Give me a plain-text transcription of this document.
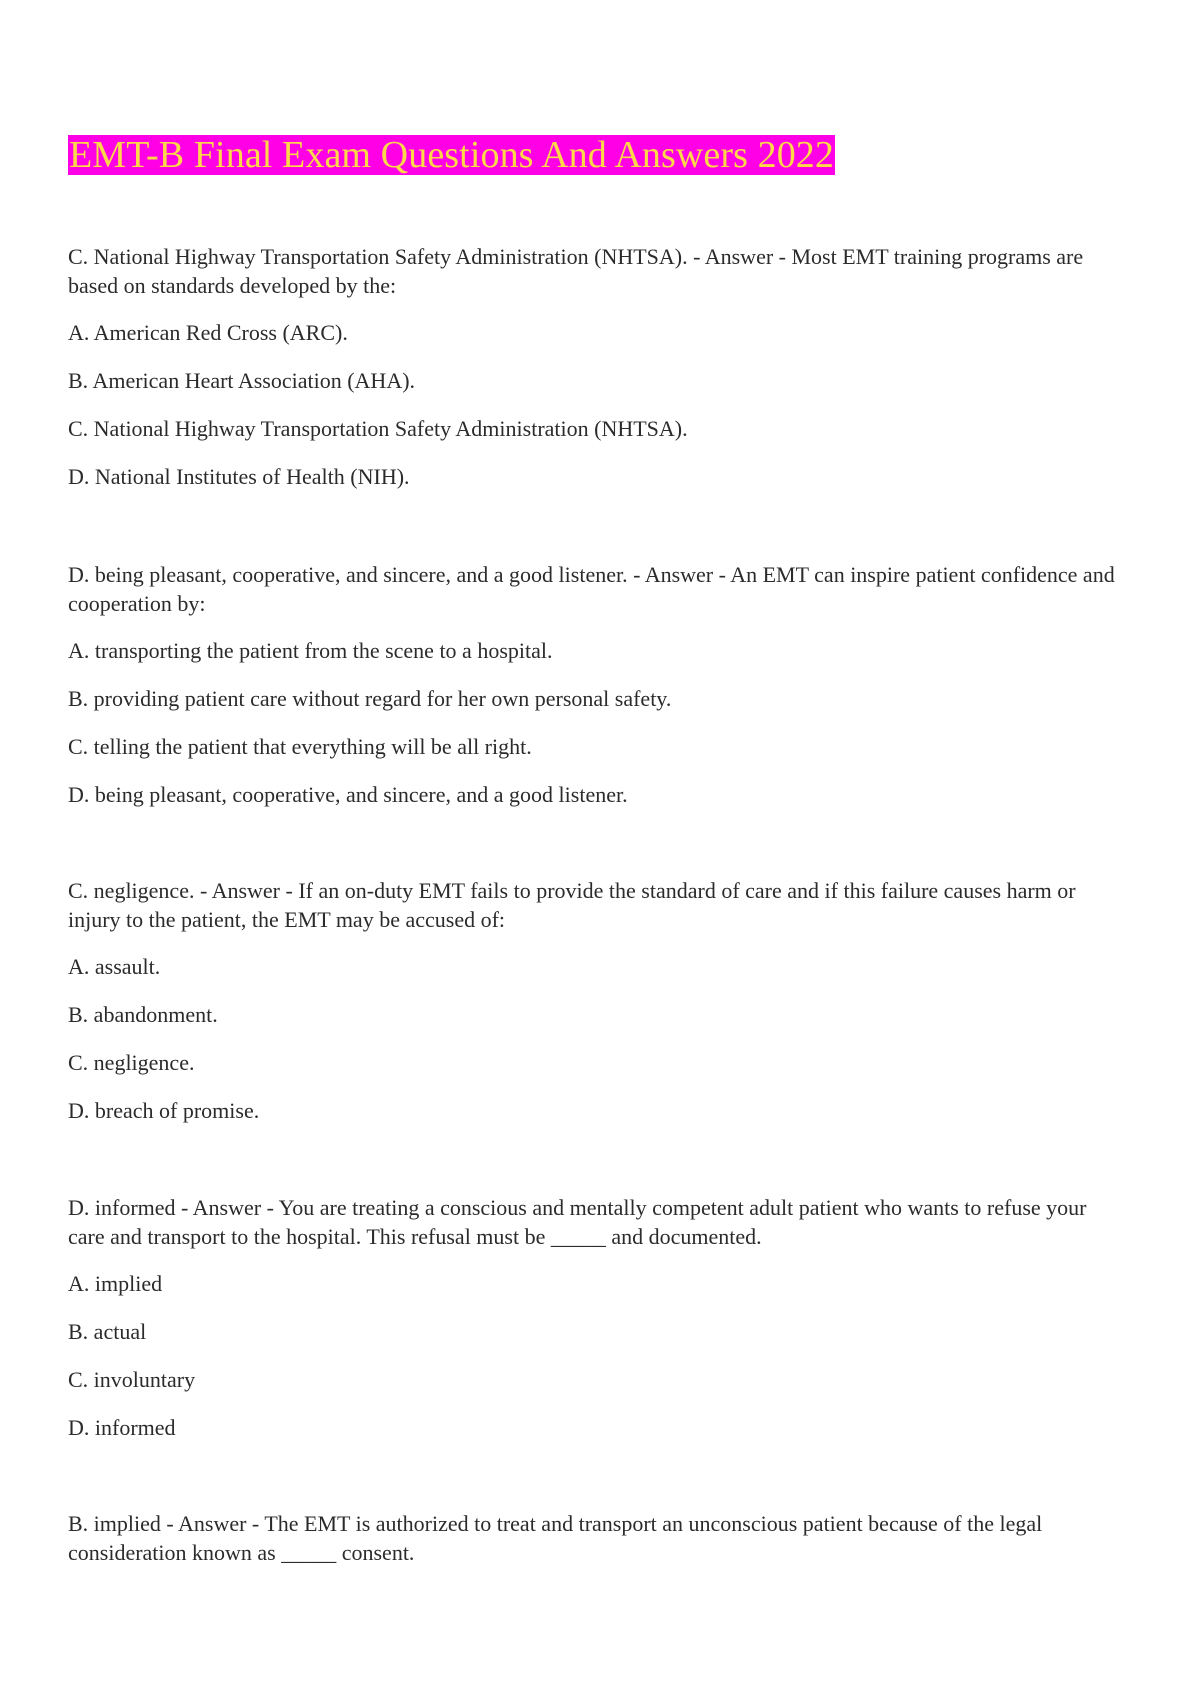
EMT-B Final Exam Questions And Answers 2022
C. National Highway Transportation Safety Administration (NHTSA). - Answer - Most EMT training programs are based on standards developed by the:
A. American Red Cross (ARC).
B. American Heart Association (AHA).
C. National Highway Transportation Safety Administration (NHTSA).
D. National Institutes of Health (NIH).
D. being pleasant, cooperative, and sincere, and a good listener. - Answer - An EMT can inspire patient confidence and cooperation by:
A. transporting the patient from the scene to a hospital.
B. providing patient care without regard for her own personal safety.
C. telling the patient that everything will be all right.
D. being pleasant, cooperative, and sincere, and a good listener.
C. negligence. - Answer - If an on-duty EMT fails to provide the standard of care and if this failure causes harm or injury to the patient, the EMT may be accused of:
A. assault.
B. abandonment.
C. negligence.
D. breach of promise.
D. informed - Answer - You are treating a conscious and mentally competent adult patient who wants to refuse your care and transport to the hospital. This refusal must be _____ and documented.
A. implied
B. actual
C. involuntary
D. informed
B. implied - Answer - The EMT is authorized to treat and transport an unconscious patient because of the legal consideration known as _____ consent.
